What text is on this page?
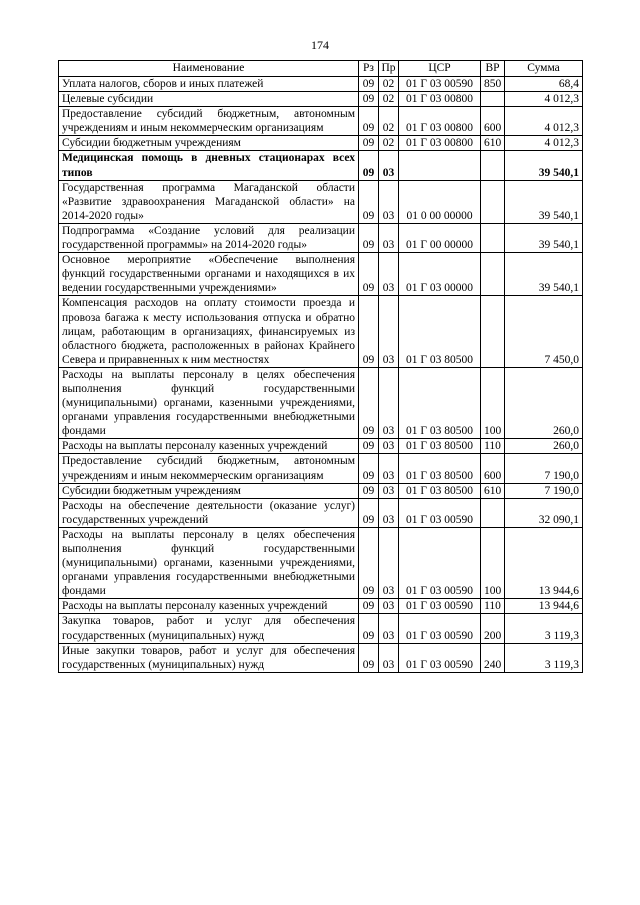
174
Наименование	Рз	Пр	ЦСР	ВР	Сумма
Уплата налогов, сборов и иных платежей	09	02	01 Г 03 00590	850	68,4
Целевые субсидии	09	02	01 Г 03 00800		4 012,3
Предоставление субсидий бюджетным, автономным учреждениям и иным некоммерческим организациям	09	02	01 Г 03 00800	600	4 012,3
Субсидии бюджетным учреждениям	09	02	01 Г 03 00800	610	4 012,3
Медицинская помощь в дневных стационарах всех типов	09	03			39 540,1
Государственная программа Магаданской области «Развитие здравоохранения Магаданской области» на 2014-2020 годы»	09	03	01 0 00 00000		39 540,1
Подпрограмма «Создание условий для реализации государственной программы» на 2014-2020 годы»	09	03	01 Г 00 00000		39 540,1
Основное мероприятие «Обеспечение выполнения функций государственными органами и находящихся в их ведении государственными учреждениями»	09	03	01 Г 03 00000		39 540,1
Компенсация расходов на оплату стоимости проезда и провоза багажа к месту использования отпуска и обратно лицам, работающим в организациях, финансируемых из областного бюджета, расположенных в районах Крайнего Севера и приравненных к ним местностях	09	03	01 Г 03 80500		7 450,0
Расходы на выплаты персоналу в целях обеспечения выполнения функций государственными (муниципальными) органами, казенными учреждениями, органами управления государственными внебюджетными фондами	09	03	01 Г 03 80500	100	260,0
Расходы на выплаты персоналу казенных учреждений	09	03	01 Г 03 80500	110	260,0
Предоставление субсидий бюджетным, автономным учреждениям и иным некоммерческим организациям	09	03	01 Г 03 80500	600	7 190,0
Субсидии бюджетным учреждениям	09	03	01 Г 03 80500	610	7 190,0
Расходы на обеспечение деятельности (оказание услуг) государственных учреждений	09	03	01 Г 03 00590		32 090,1
Расходы на выплаты персоналу в целях обеспечения выполнения функций государственными (муниципальными) органами, казенными учреждениями, органами управления государственными внебюджетными фондами	09	03	01 Г 03 00590	100	13 944,6
Расходы на выплаты персоналу казенных учреждений	09	03	01 Г 03 00590	110	13 944,6
Закупка товаров, работ и услуг для обеспечения государственных (муниципальных) нужд	09	03	01 Г 03 00590	200	3 119,3
Иные закупки товаров, работ и услуг для обеспечения государственных (муниципальных) нужд	09	03	01 Г 03 00590	240	3 119,3
